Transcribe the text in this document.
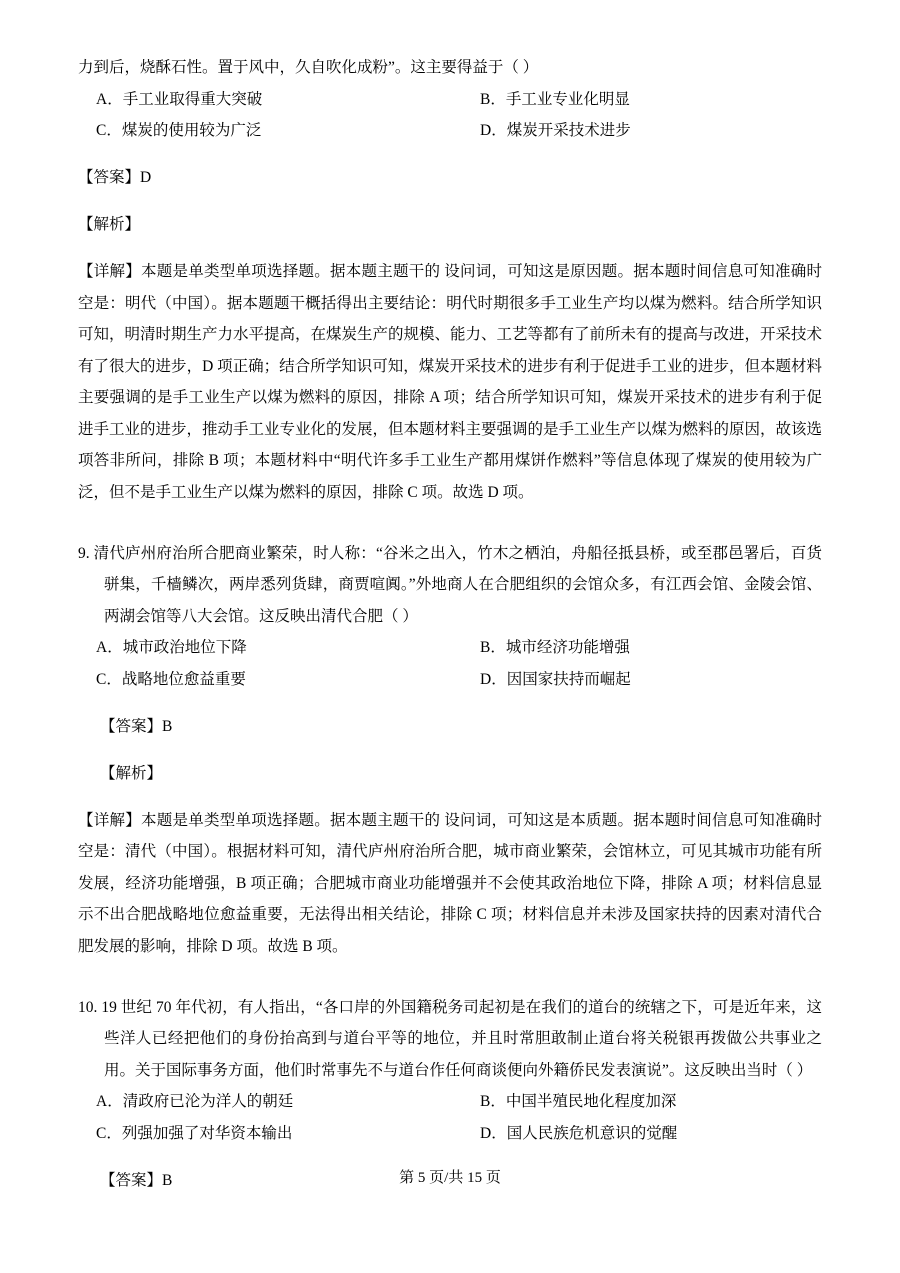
力到后，烧酥石性。置于风中，久自吹化成粉”。这主要得益于（ ）

A．手工业取得重大突破	B．手工业专业化明显
C．煤炭的使用较为广泛	D．煤炭开采技术进步

【答案】D

【解析】

【详解】本题是单类型单项选择题。据本题主题干的 设问词，可知这是原因题。据本题时间信息可知准确时空是：明代（中国）。据本题题干概括得出主要结论：明代时期很多手工业生产均以煤为燃料。结合所学知识可知，明清时期生产力水平提高，在煤炭生产的规模、能力、工艺等都有了前所未有的提高与改进，开采技术有了很大的进步，D 项正确；结合所学知识可知，煤炭开采技术的进步有利于促进手工业的进步，但本题材料主要强调的是手工业生产以煤为燃料的原因，排除 A 项；结合所学知识可知，煤炭开采技术的进步有利于促进手工业的进步，推动手工业专业化的发展，但本题材料主要强调的是手工业生产以煤为燃料的原因，故该选项答非所问，排除 B 项；本题材料中“明代许多手工业生产都用煤饼作燃料”等信息体现了煤炭的使用较为广泛，但不是手工业生产以煤为燃料的原因，排除 C 项。故选 D 项。

9. 清代庐州府治所合肥商业繁荣，时人称：“谷米之出入，竹木之栖泊，舟船径抵县桥，或至郡邑署后，百货骈集，千樯鳞次，两岸悉列货肆，商贾喧阗。”外地商人在合肥组织的会馆众多，有江西会馆、金陵会馆、两湖会馆等八大会馆。这反映出清代合肥（ ）

A．城市政治地位下降	B．城市经济功能增强
C．战略地位愈益重要	D．因国家扶持而崛起

【答案】B

【解析】

【详解】本题是单类型单项选择题。据本题主题干的 设问词，可知这是本质题。据本题时间信息可知准确时空是：清代（中国）。根据材料可知，清代庐州府治所合肥，城市商业繁荣，会馆林立，可见其城市功能有所发展，经济功能增强，B 项正确；合肥城市商业功能增强并不会使其政治地位下降，排除 A 项；材料信息显示不出合肥战略地位愈益重要，无法得出相关结论，排除 C 项；材料信息并未涉及国家扶持的因素对清代合肥发展的影响，排除 D 项。故选 B 项。

10. 19 世纪 70 年代初，有人指出，“各口岸的外国籍税务司起初是在我们的道台的统辖之下，可是近年来，这些洋人已经把他们的身份抬高到与道台平等的地位，并且时常胆敢制止道台将关税银再拨做公共事业之用。关于国际事务方面，他们时常事先不与道台作任何商谈便向外籍侨民发表演说”。这反映出当时（ ）

A．清政府已沦为洋人的朝廷	B．中国半殖民地化程度加深
C．列强加强了对华资本输出	D．国人民族危机意识的觉醒

【答案】B	第 5 页/共 15 页
